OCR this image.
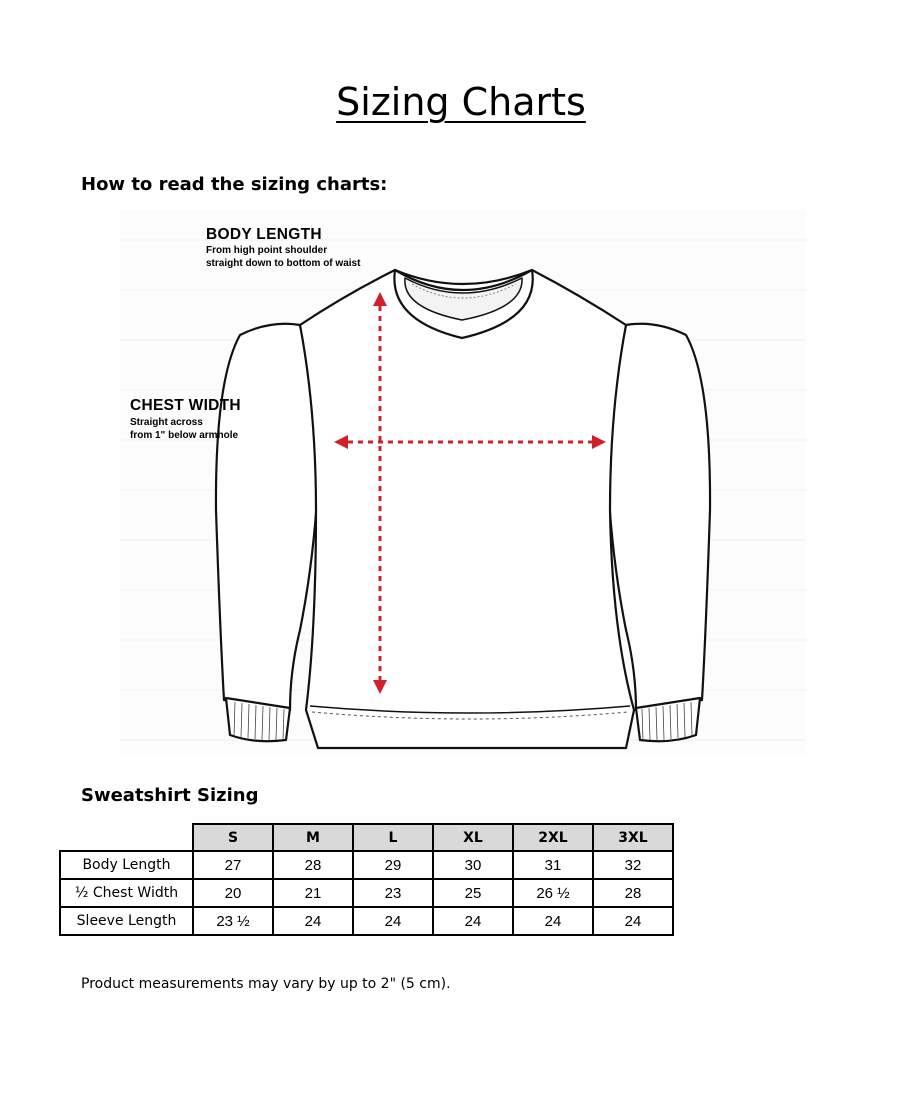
Sizing Charts
How to read the sizing charts:
BODY LENGTH
From high point shoulder
straight down to bottom of waist
CHEST WIDTH
Straight across
from 1" below armhole
Sweatshirt Sizing
	S	M	L	XL	2XL	3XL
Body Length	27	28	29	30	31	32
½ Chest Width	20	21	23	25	26 ½	28
Sleeve Length	23 ½	24	24	24	24	24
Product measurements may vary by up to 2" (5 cm).
